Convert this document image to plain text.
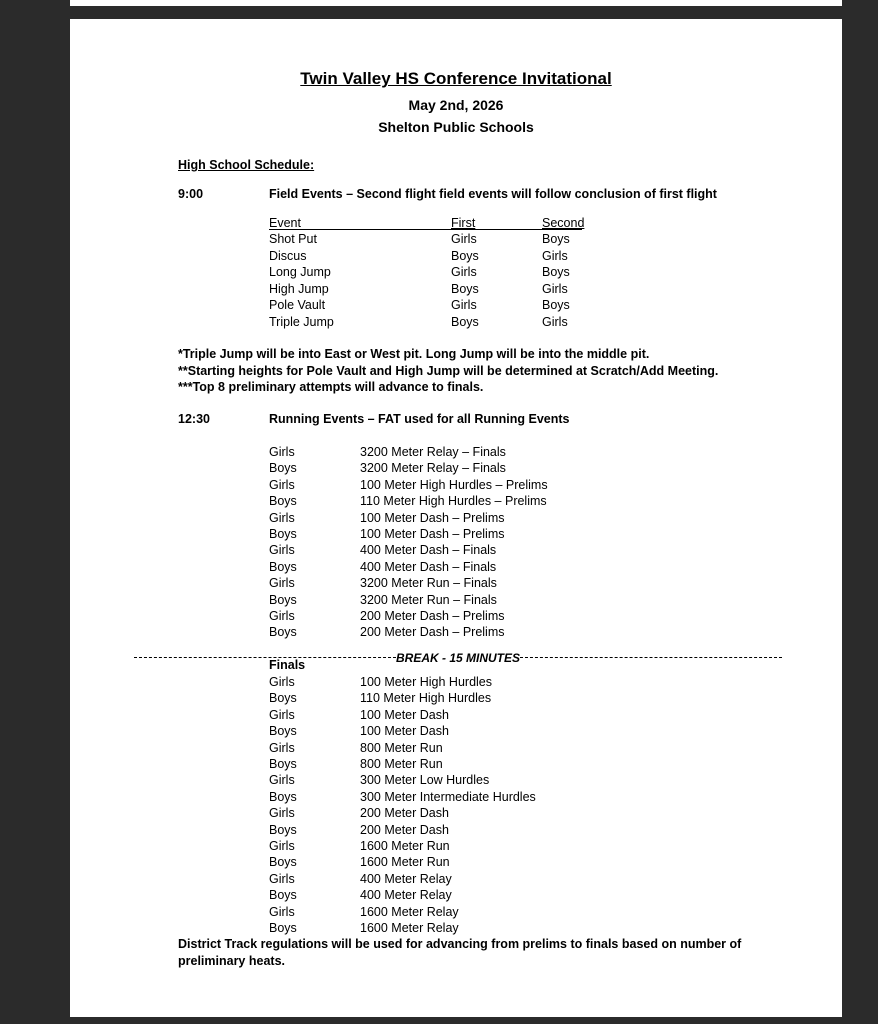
Twin Valley HS Conference Invitational
May 2nd, 2026
Shelton Public Schools
High School Schedule:
9:00	Field Events – Second flight field events will follow conclusion of first flight
Event	First	Second
Shot Put	Girls	Boys
Discus	Boys	Girls
Long Jump	Girls	Boys
High Jump	Boys	Girls
Pole Vault	Girls	Boys
Triple Jump	Boys	Girls
*Triple Jump will be into East or West pit. Long Jump will be into the middle pit.
**Starting heights for Pole Vault and High Jump will be determined at Scratch/Add Meeting.
***Top 8 preliminary attempts will advance to finals.
12:30	Running Events – FAT used for all Running Events
Girls	3200 Meter Relay – Finals
Boys	3200 Meter Relay – Finals
Girls	100 Meter High Hurdles – Prelims
Boys	110 Meter High Hurdles – Prelims
Girls	100 Meter Dash – Prelims
Boys	100 Meter Dash – Prelims
Girls	400 Meter Dash – Finals
Boys	400 Meter Dash – Finals
Girls	3200 Meter Run – Finals
Boys	3200 Meter Run – Finals
Girls	200 Meter Dash – Prelims
Boys	200 Meter Dash – Prelims
BREAK - 15 MINUTES
Finals
Girls	100 Meter High Hurdles
Boys	110 Meter High Hurdles
Girls	100 Meter Dash
Boys	100 Meter Dash
Girls	800 Meter Run
Boys	800 Meter Run
Girls	300 Meter Low Hurdles
Boys	300 Meter Intermediate Hurdles
Girls	200 Meter Dash
Boys	200 Meter Dash
Girls	1600 Meter Run
Boys	1600 Meter Run
Girls	400 Meter Relay
Boys	400 Meter Relay
Girls	1600 Meter Relay
Boys	1600 Meter Relay
District Track regulations will be used for advancing from prelims to finals based on number of
preliminary heats.
